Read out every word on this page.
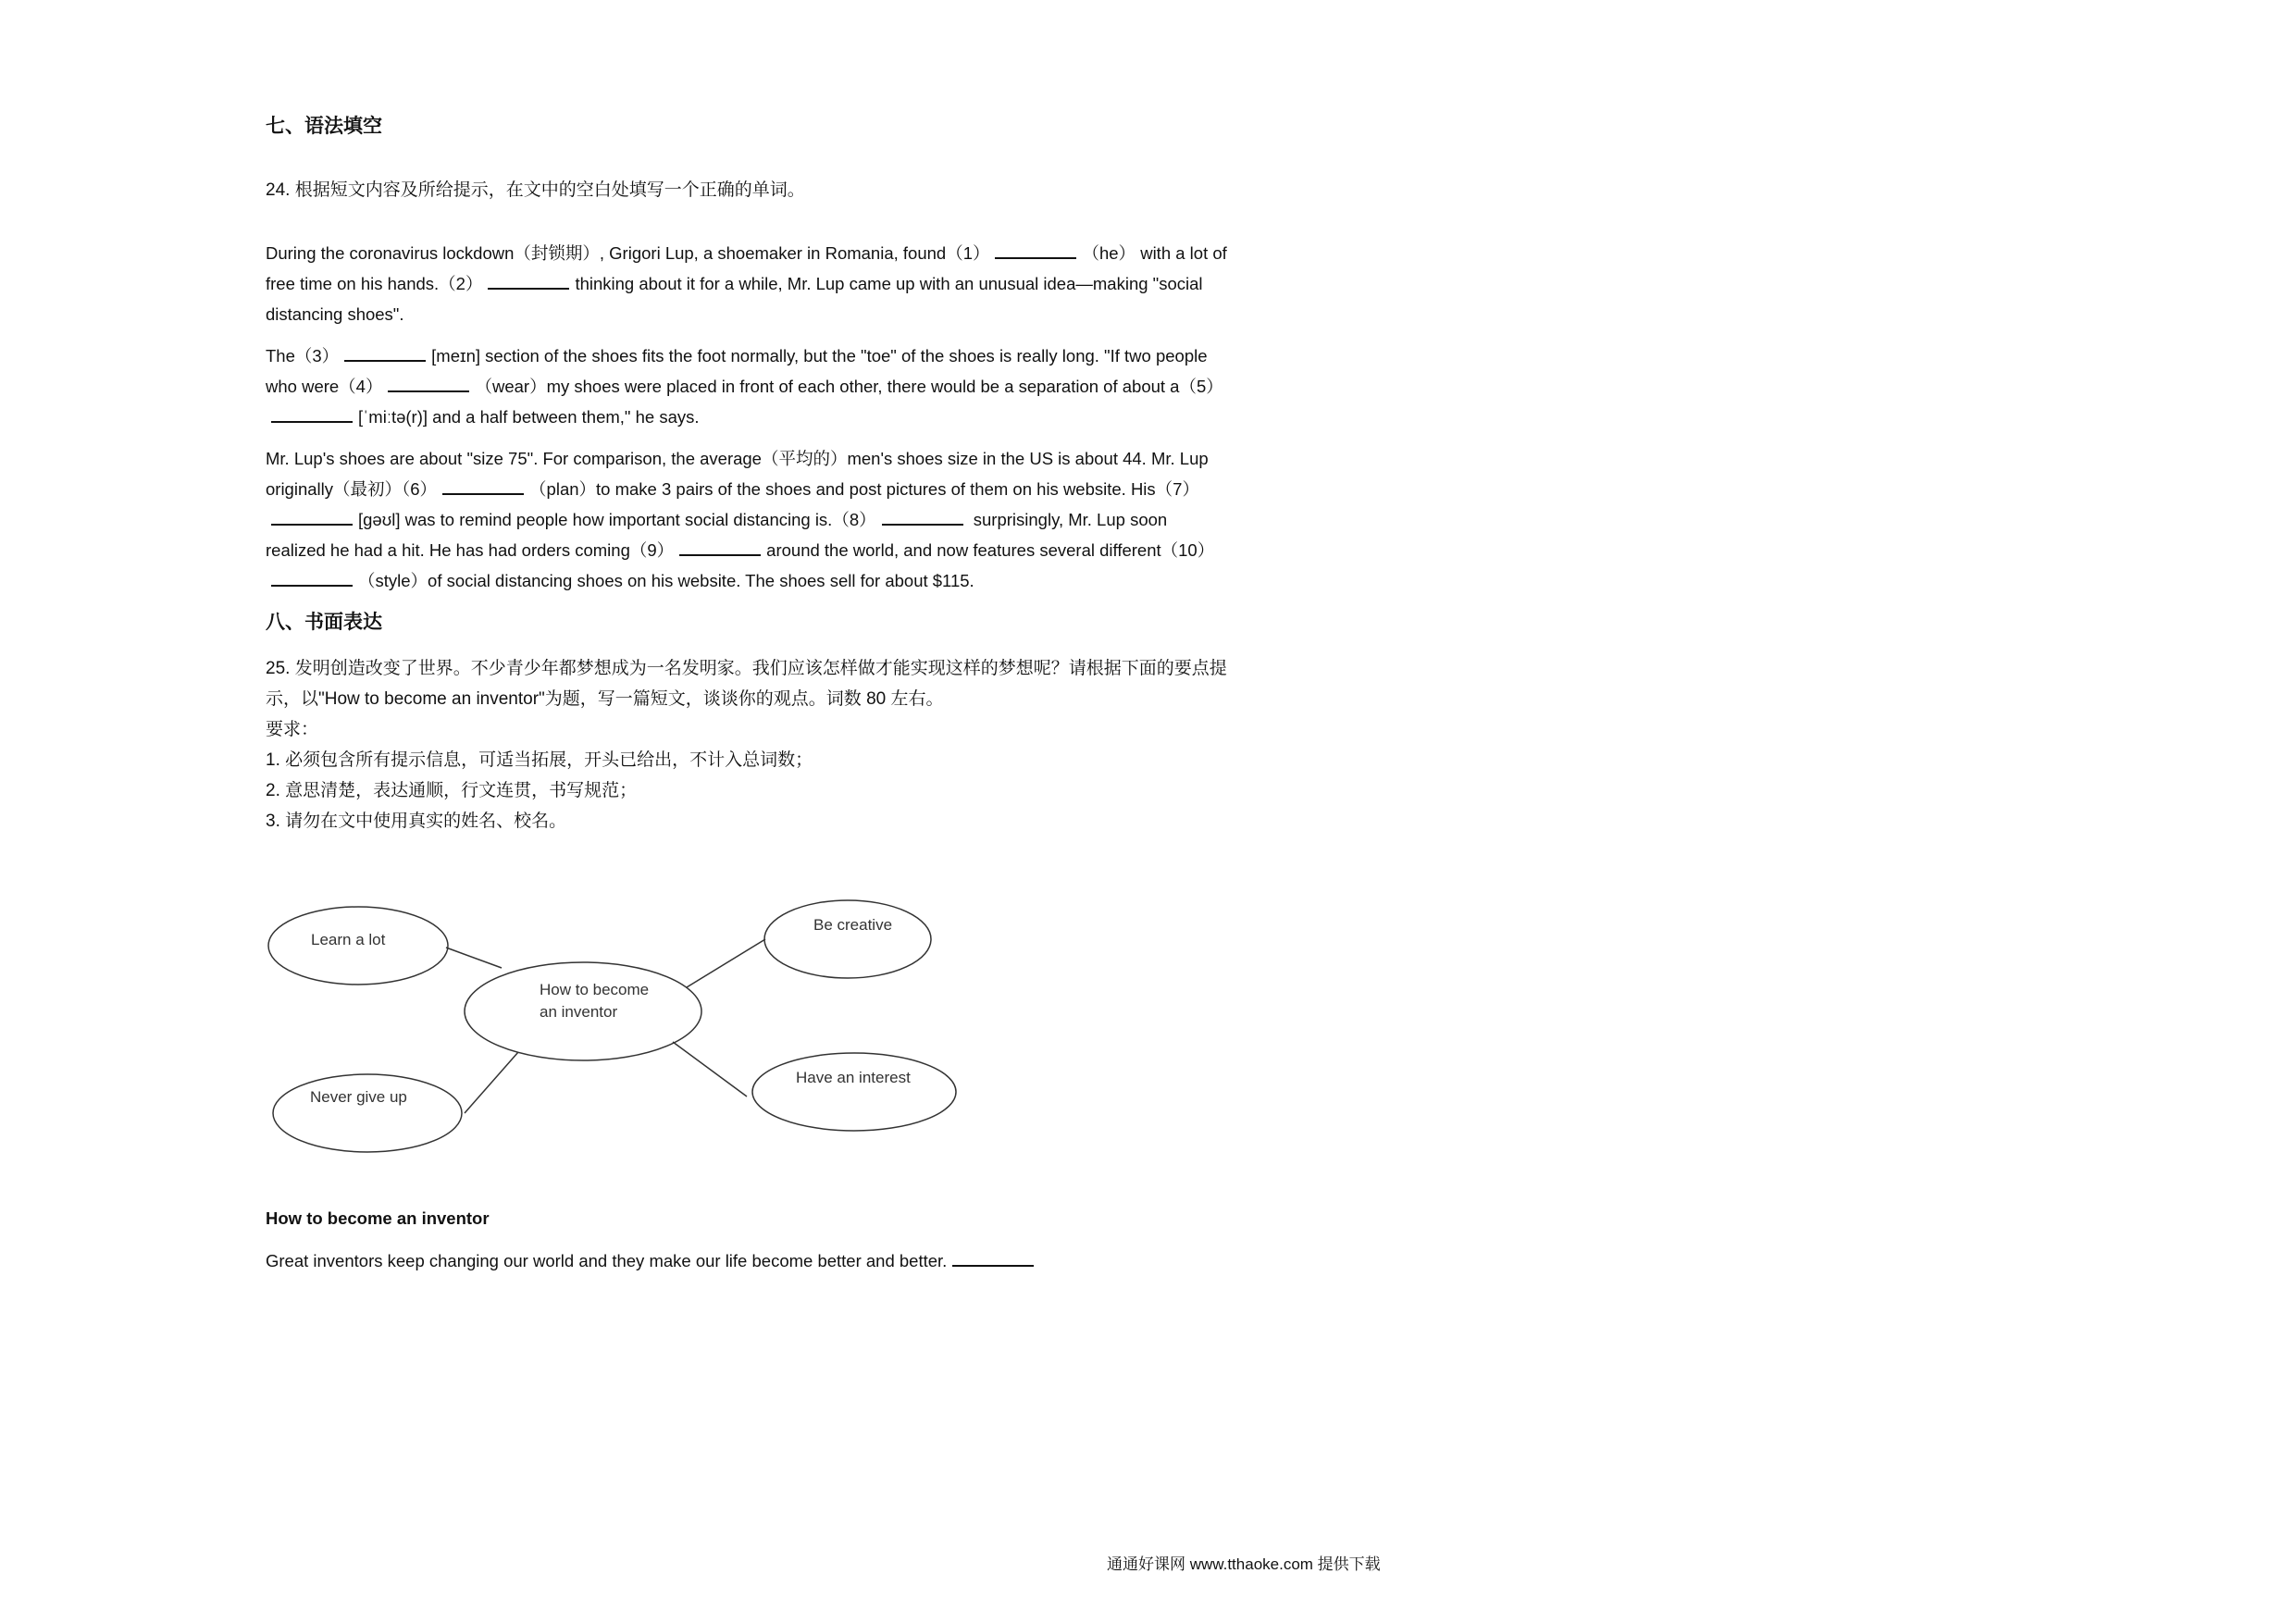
七、语法填空

24. 根据短文内容及所给提示，在文中的空白处填写一个正确的单词。

During the coronavirus lockdown（封锁期）, Grigori Lup, a shoemaker in Romania, found（1）	（he） with a lot of free time on his hands.（2）	thinking about it for a while, Mr. Lup came up with an unusual idea—making "social distancing shoes".

The（3）	[meɪn] section of the shoes fits the foot normally, but the "toe" of the shoes is really long. "If two people who were（4）	（wear）my shoes were placed in front of each other, there would be a separation of about a（5）[ˈmiːtə(r)] and a half between them," he says.

Mr. Lup's shoes are about "size 75". For comparison, the average（平均的）men's shoes size in the US is about 44. Mr. Lup originally（最初）（6）	（plan）to make 3 pairs of the shoes and post pictures of them on his website. His（7）[ɡəʊl] was to remind people how important social distancing is.（8）	surprisingly, Mr. Lup soon realized he had a hit. He has had orders coming（9）	around the world, and now features several different（10）（style）of social distancing shoes on his website. The shoes sell for about $115.

八、书面表达

25. 发明创造改变了世界。不少青少年都梦想成为一名发明家。我们应该怎样做才能实现这样的梦想呢？请根据下面的要点提示，以"How to become an inventor"为题，写一篇短文，谈谈你的观点。词数 80 左右。

要求：

1. 必须包含所有提示信息，可适当拓展，开头已给出，不计入总词数；

2. 意思清楚，表达通顺，行文连贯，书写规范；

3. 请勿在文中使用真实的姓名、校名。

Learn a lot
How to become
an inventor
Be creative
Never give up
Have an interest

How to become an inventor

Great inventors keep changing our world and they make our life become better and better.

通通好课网 www.tthaoke.com 提供下载
